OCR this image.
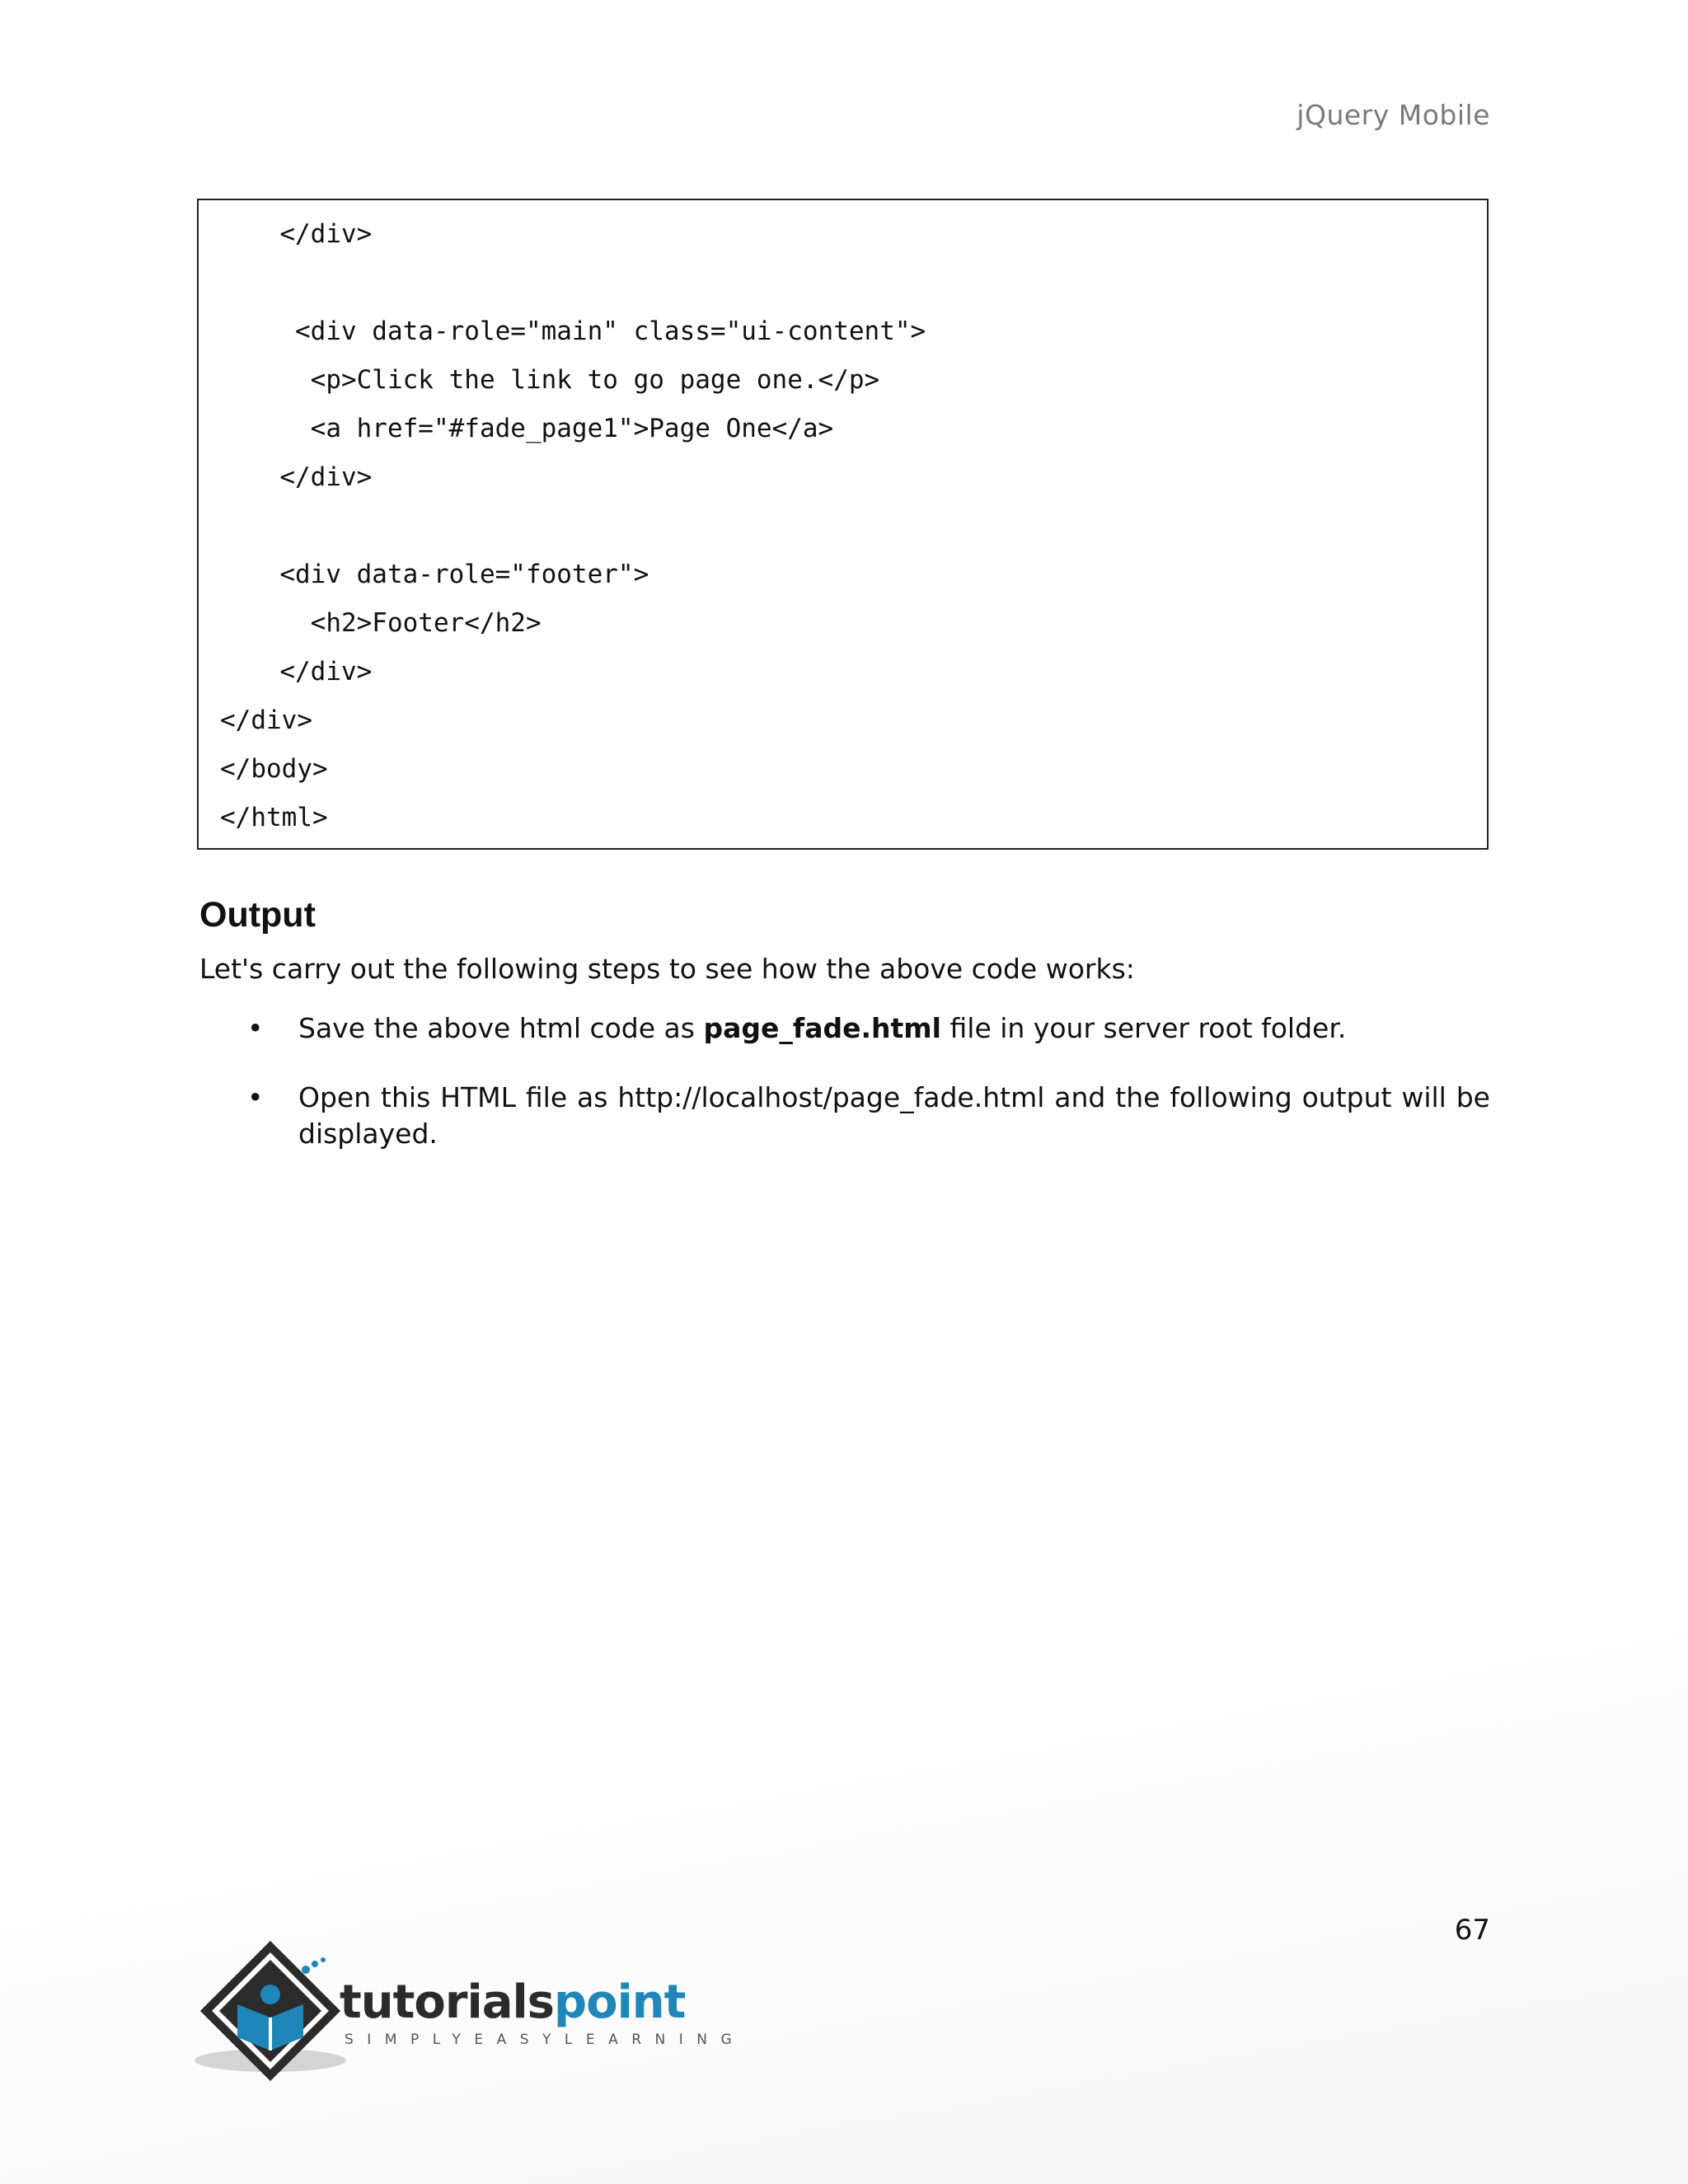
jQuery Mobile
</div>
<div data-role="main" class="ui-content">
<p>Click the link to go page one.</p>
<a href="#fade_page1">Page One</a>
</div>
<div data-role="footer">
<h2>Footer</h2>
</div>
</div>
</body>
</html>
Output
Let's carry out the following steps to see how the above code works:
• Save the above html code as page_fade.html file in your server root folder.
• Open this HTML file as http://localhost/page_fade.html and the following output will be displayed.
67
tutorialspoint
SIMPLYEASYLEARNING
